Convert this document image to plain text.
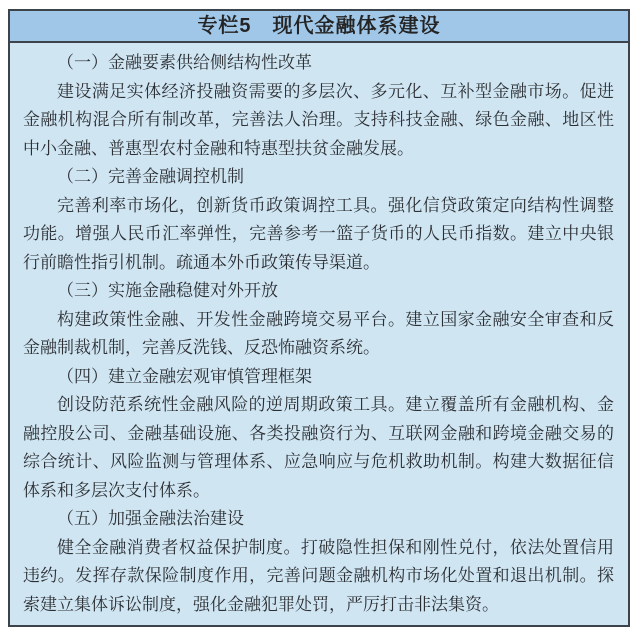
专栏5　现代金融体系建设
（一）金融要素供给侧结构性改革

建设满足实体经济投融资需要的多层次、多元化、互补型金融市场。促进金融机构混合所有制改革，完善法人治理。支持科技金融、绿色金融、地区性中小金融、普惠型农村金融和特惠型扶贫金融发展。

（二）完善金融调控机制

完善利率市场化，创新货币政策调控工具。强化信贷政策定向结构性调整功能。增强人民币汇率弹性，完善参考一篮子货币的人民币指数。建立中央银行前瞻性指引机制。疏通本外币政策传导渠道。

（三）实施金融稳健对外开放

构建政策性金融、开发性金融跨境交易平台。建立国家金融安全审查和反金融制裁机制，完善反洗钱、反恐怖融资系统。

（四）建立金融宏观审慎管理框架

创设防范系统性金融风险的逆周期政策工具。建立覆盖所有金融机构、金融控股公司、金融基础设施、各类投融资行为、互联网金融和跨境金融交易的综合统计、风险监测与管理体系、应急响应与危机救助机制。构建大数据征信体系和多层次支付体系。

（五）加强金融法治建设

健全金融消费者权益保护制度。打破隐性担保和刚性兑付，依法处置信用违约。发挥存款保险制度作用，完善问题金融机构市场化处置和退出机制。探索建立集体诉讼制度，强化金融犯罪处罚，严厉打击非法集资。
